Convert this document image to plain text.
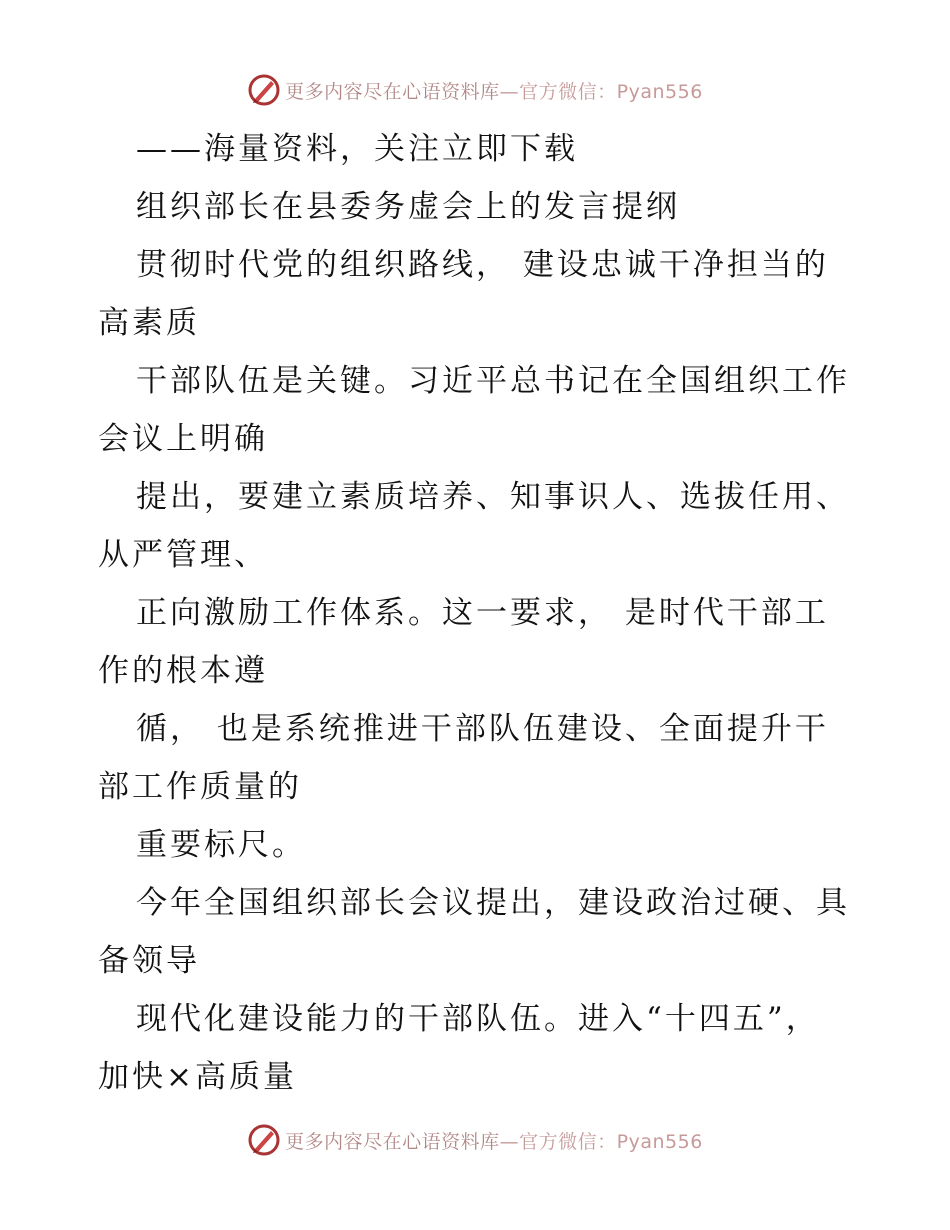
更多内容尽在心语资料库 —官方微信：Pyan556
——海量资料，关注立即下载
组织部长在县委务虚会上的发言提纲
贯彻时代党的组织路线， 建设忠诚干净担当的
高素质
干部队伍是关键。习近平总书记在全国组织工作
会议上明确
提出，要建立素质培养、知事识人、选拔任用、
从严管理、
正向激励工作体系。这一要求， 是时代干部工
作的根本遵
循， 也是系统推进干部队伍建设、全面提升干
部工作质量的
重要标尺。
今年全国组织部长会议提出，建设政治过硬、具
备领导
现代化建设能力的干部队伍。进入“十四五”，
加快×高质量
更多内容尽在心语资料库 —官方微信：Pyan556
